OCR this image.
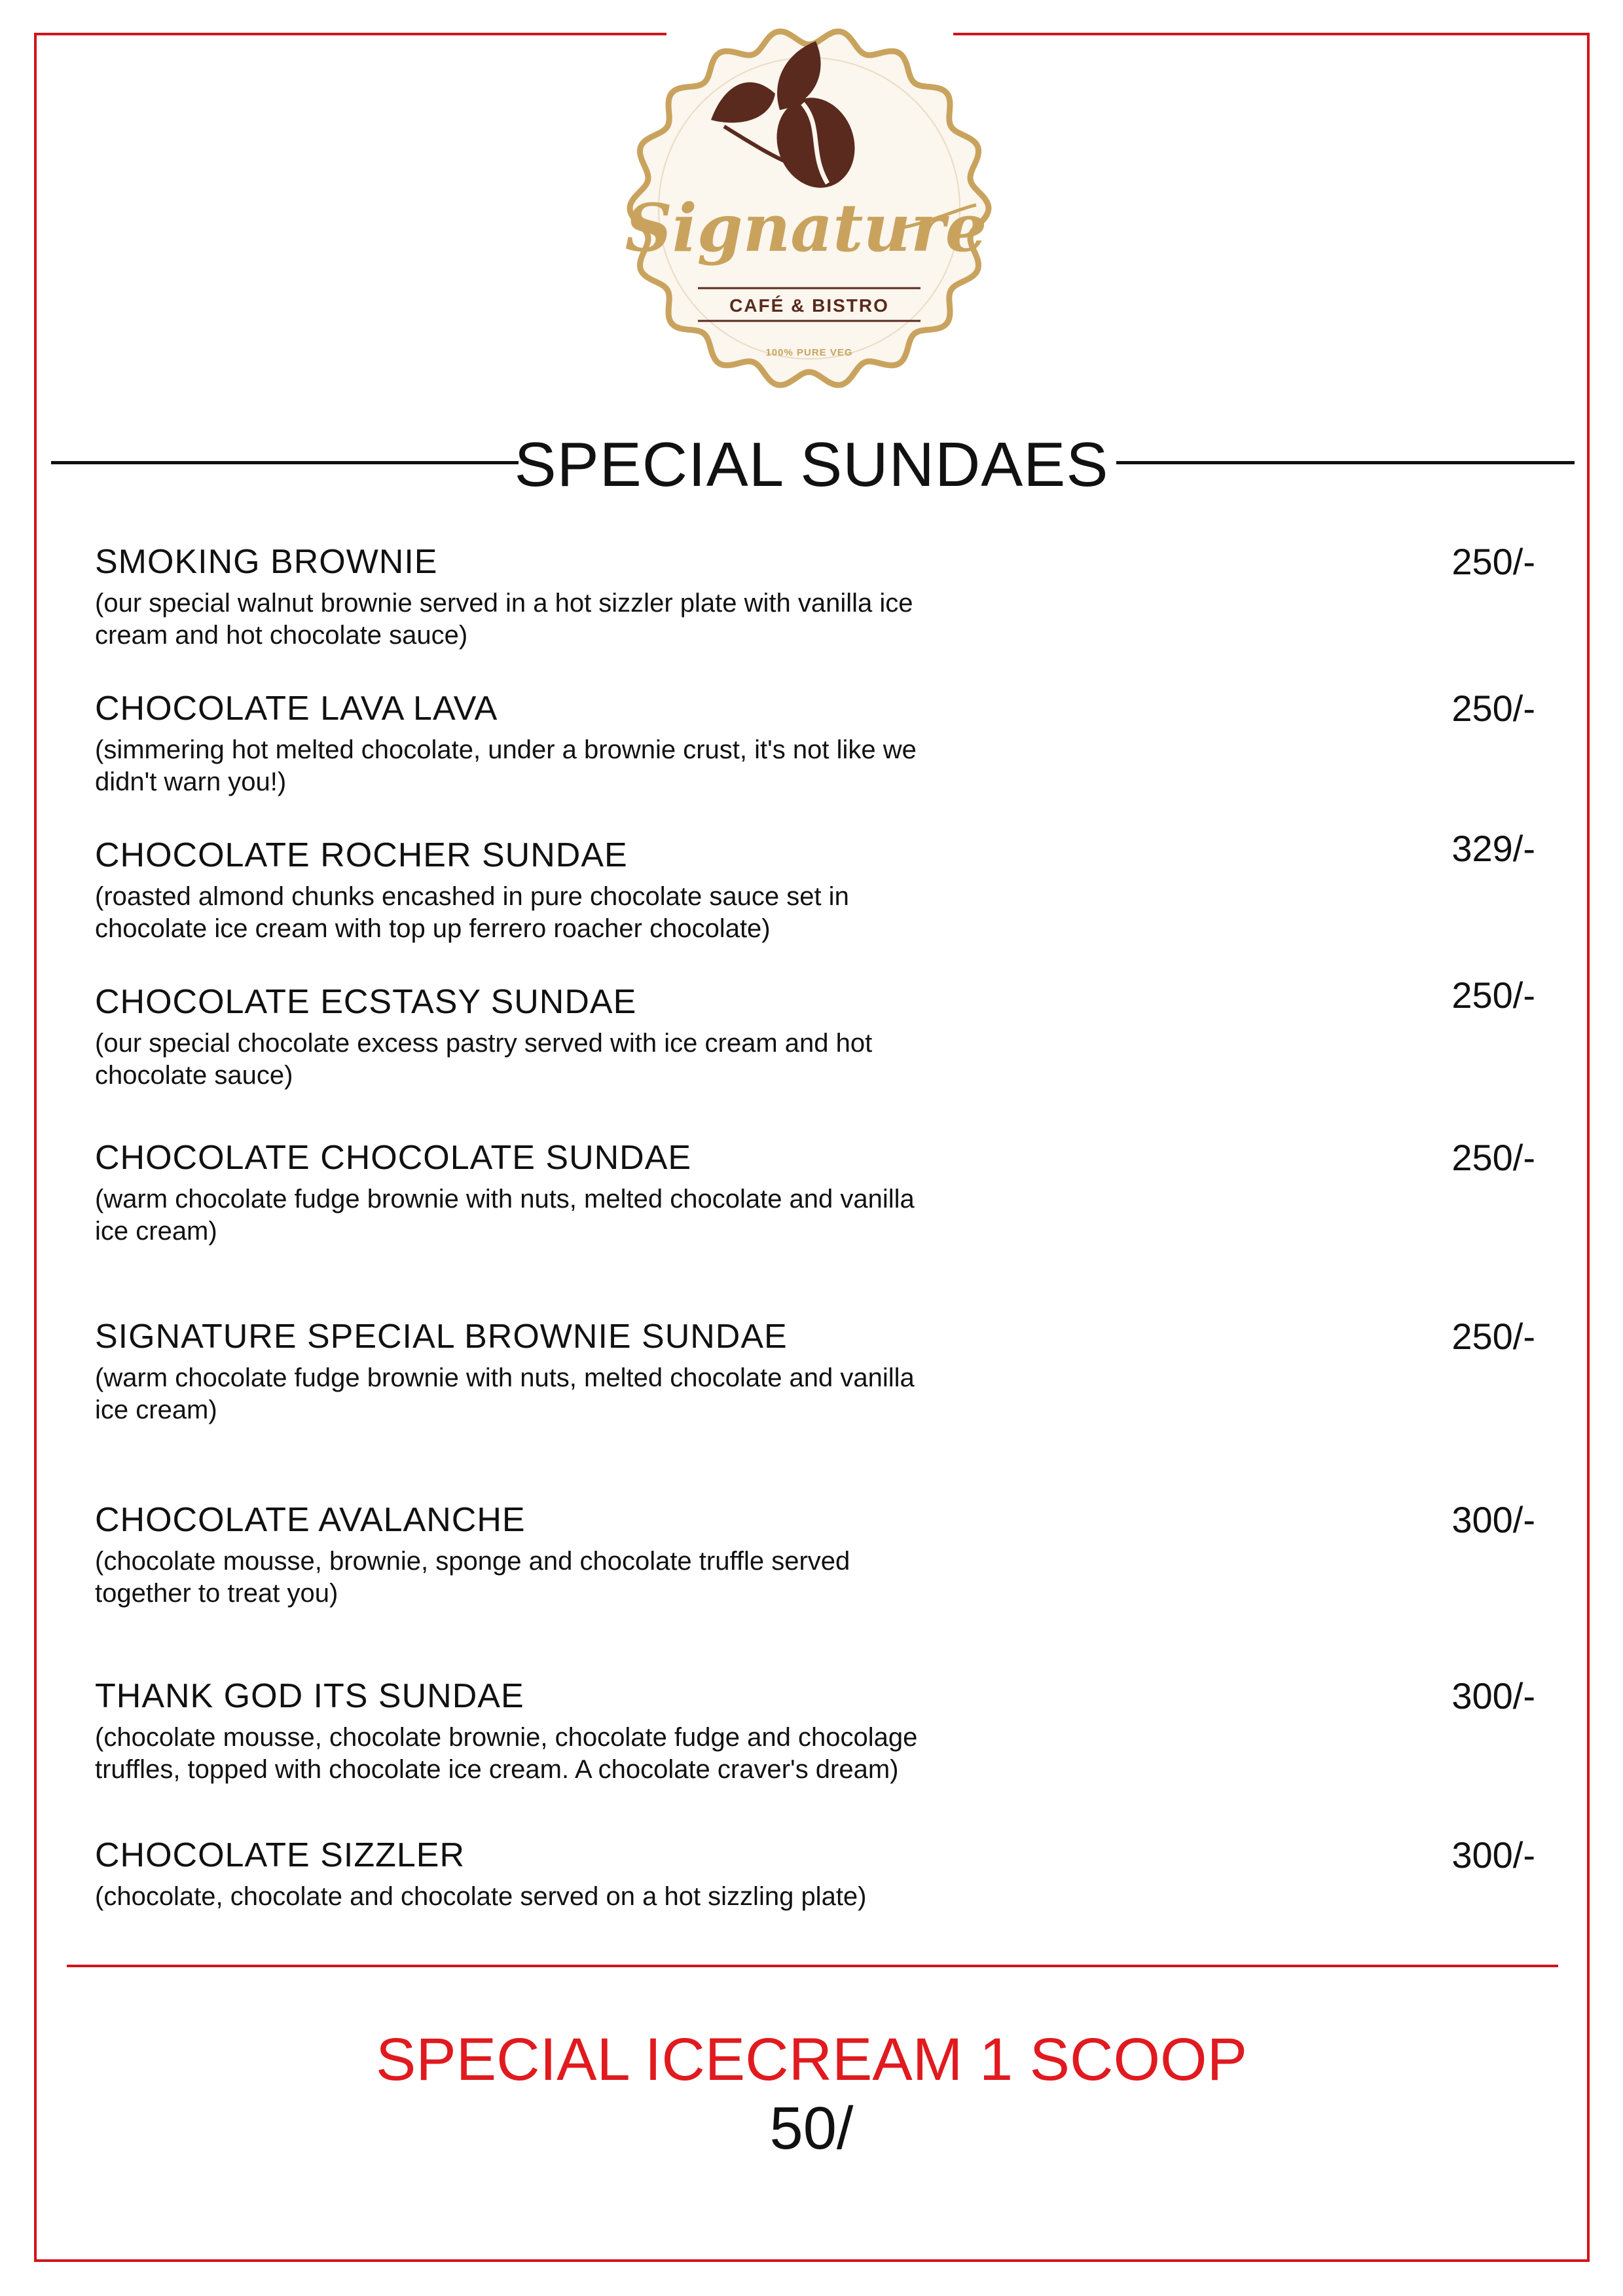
Signature
CAFÉ & BISTRO
100% PURE VEG
SPECIAL SUNDAES
SMOKING BROWNIE
(our special walnut brownie served in a hot sizzler plate with vanilla ice
cream and hot chocolate sauce)
250/-
CHOCOLATE LAVA LAVA
(simmering hot melted chocolate, under a brownie crust, it's not like we
didn't warn you!)
250/-
CHOCOLATE ROCHER SUNDAE
(roasted almond chunks encashed in pure chocolate sauce set in
chocolate ice cream with top up ferrero roacher chocolate)
329/-
CHOCOLATE ECSTASY SUNDAE
(our special chocolate excess pastry served with ice cream and hot
chocolate sauce)
250/-
CHOCOLATE CHOCOLATE SUNDAE
(warm chocolate fudge brownie with nuts, melted chocolate and vanilla
ice cream)
250/-
SIGNATURE SPECIAL BROWNIE SUNDAE
(warm chocolate fudge brownie with nuts, melted chocolate and vanilla
ice cream)
250/-
CHOCOLATE AVALANCHE
(chocolate mousse, brownie, sponge and chocolate truffle served
together to treat you)
300/-
THANK GOD ITS SUNDAE
(chocolate mousse, chocolate brownie, chocolate fudge and chocolage
truffles, topped with chocolate ice cream. A chocolate craver's dream)
300/-
CHOCOLATE SIZZLER
(chocolate, chocolate and chocolate served on a hot sizzling plate)
300/-
SPECIAL ICECREAM 1 SCOOP
50/
